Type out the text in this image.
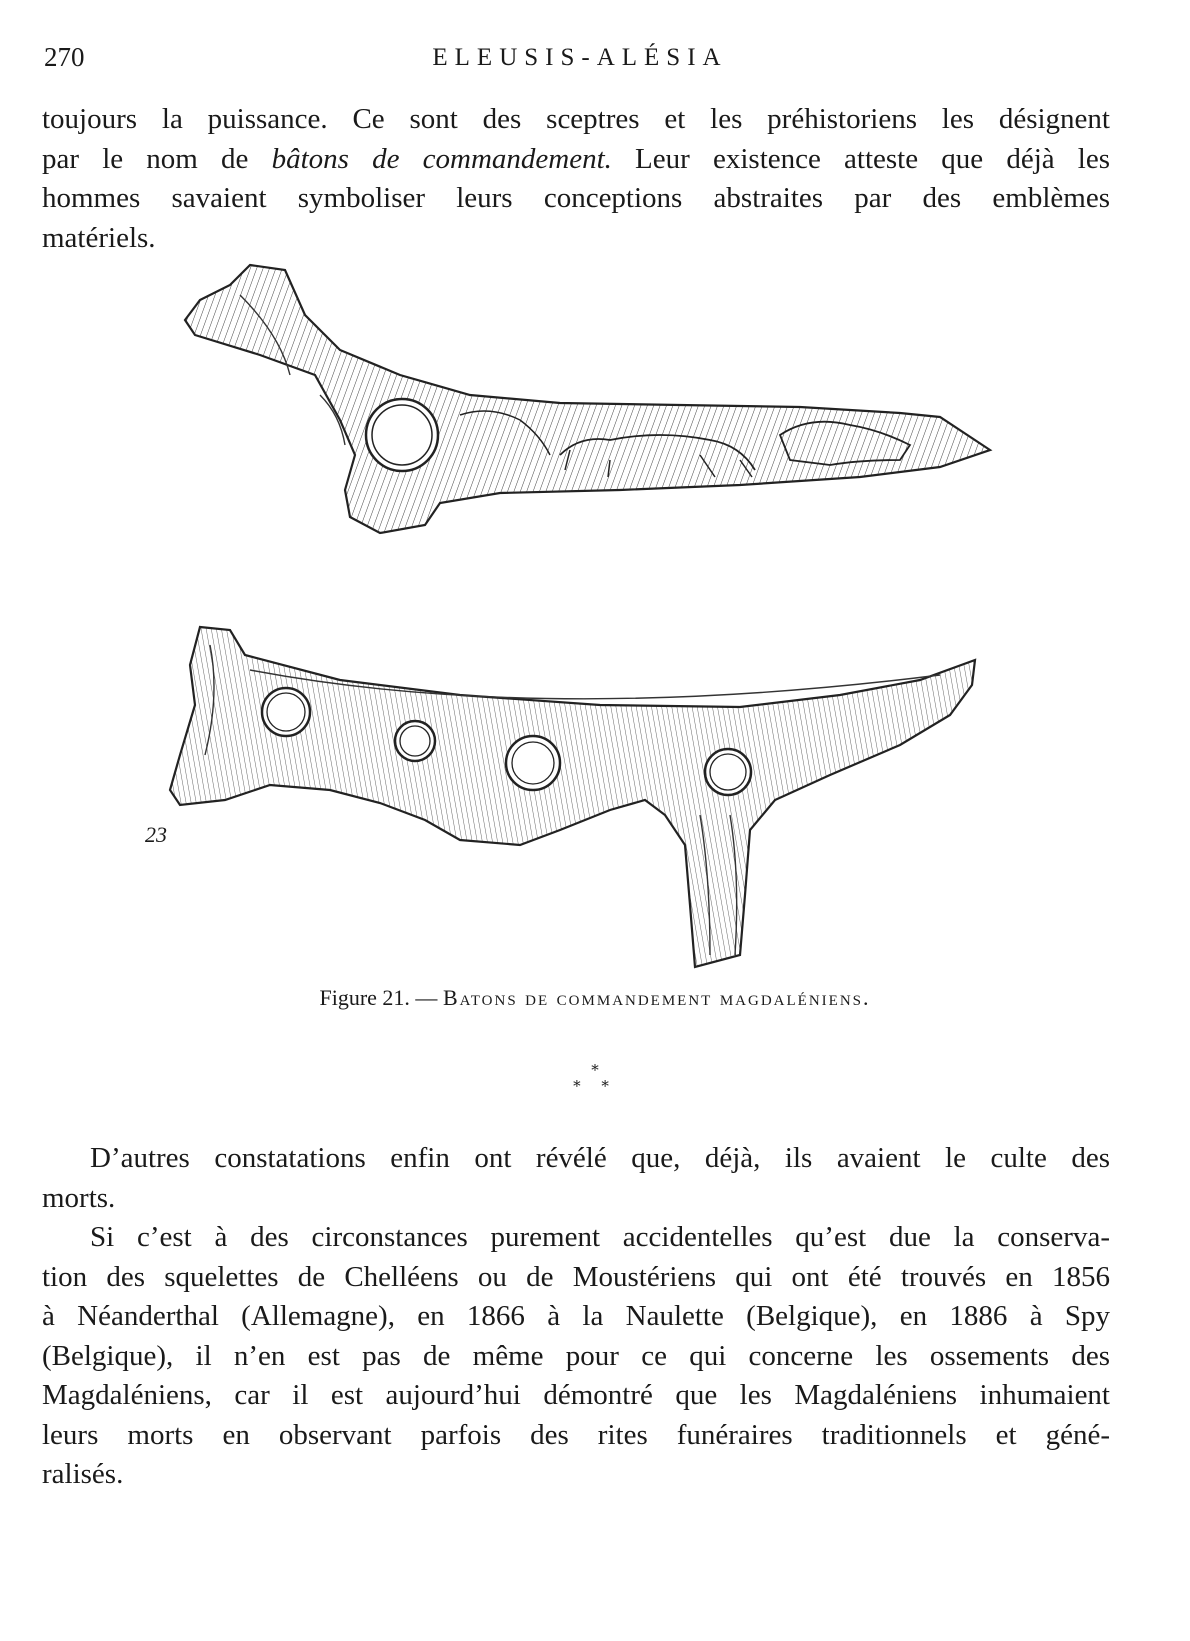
270	ELEUSIS-ALÉSIA
toujours la puissance. Ce sont des sceptres et les préhistoriens les désignent
par le nom de bâtons de commandement. Leur existence atteste que déjà les
hommes savaient symboliser leurs conceptions abstraites par des emblèmes
matériels.
23
Figure 21. — Batons de commandement magdaléniens.
*
* *
D’autres constatations enfin ont révélé que, déjà, ils avaient le culte des
morts.
Si c’est à des circonstances purement accidentelles qu’est due la conserva-
tion des squelettes de Chelléens ou de Moustériens qui ont été trouvés en 1856
à Néanderthal (Allemagne), en 1866 à la Naulette (Belgique), en 1886 à Spy
(Belgique), il n’en est pas de même pour ce qui concerne les ossements des
Magdaléniens, car il est aujourd’hui démontré que les Magdaléniens inhumaient
leurs morts en observant parfois des rites funéraires traditionnels et géné-
ralisés.
